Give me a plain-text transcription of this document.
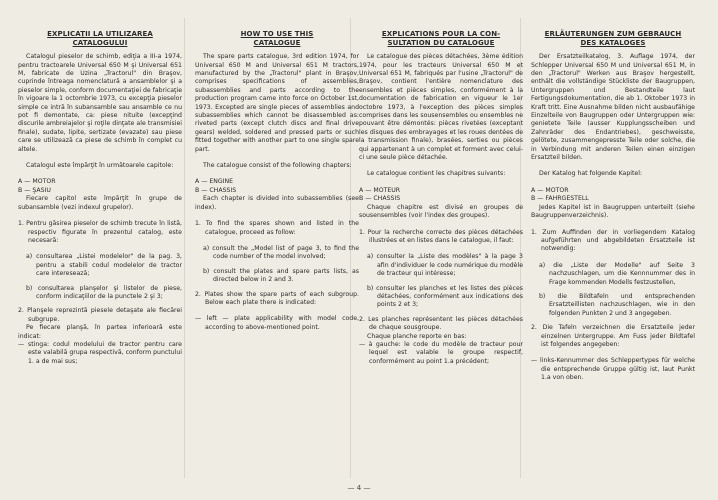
EXPLICAŢII LA UTILIZAREA
CATALOGULUI

Catalogul pieselor de schimb, ediţia a III-a 1974, pentru tractoarele Universal 650 M şi Universal 651 M, fabricate de Uzina „Tractorul" din Braşov, cuprinde întreaga nomenclatură a ansamblelor şi a pieselor simple, conform documentaţiei de fabricaţie în vigoare la 1 octombrie 1973, cu excepţia pieselor simple ce intră în subansamble sau ansamble ce nu pot fi demontate, ca: piese nituite (excepţind discurile ambreiajelor şi roţile dinţate ale transmisiei finale), sudate, lipite, sertizate (evazate) sau piese care se utilizează ca piese de schimb în complet cu altele.

Catalogul este împărţit în următoarele capitole:

A — MOTOR

B — ŞASIU

Fiecare capitol este împărţit în grupe de subansamble (vezi indexul grupelor).

1. Pentru găsirea pieselor de schimb trecute în listă, respectiv figurate în prezentul catalog, este necesară:
a) consultarea „Listei modelelor" de la pag. 3, pentru a stabili codul modelelor de tractor care interesează;
b) consultarea planşelor şi listelor de piese, conform indicaţiilor de la punctele 2 şi 3;
2. Planşele reprezintă piesele detaşate ale fiecărei subgrupe.

Pe fiecare planşă, în partea inferioară este indicat:

— stinga: codul modelului de tractor pentru care este valabilă grupa respectivă, conform punctului 1. a de mai sus;
HOW TO USE THIS
CATALOGUE

The spare parts catalogue, 3rd edition 1974, for Universal 650 M and Universal 651 M tractors, manufactured by the „Tractorul" plant in Braşov, comprises specifications of assemblies, subassemblies and parts according to the production program came into force on October 1st, 1973. Excepted are single pieces of assemblies and subassemblies which cannot be disassembled as: riveted parts (except clutch discs and final drive gears) welded, soldered and pressed parts or such fitted together with another part to one single spare part.

The catalogue consist of the following chapters:

A — ENGINE

B — CHASSIS

Each chapter is divided into subassemblies (see index).

1. To find the spares shown and listed in the catalogue, proceed as follow:
a) consult the „Model list of page 3, to find the code number of the model involved;
b) consult the plates and spare parts lists, as directed below in 2 and 3.
2. Plates show the spare parts of each subgroup. Below each plate there is indicated:
— left — plate applicability with model code, according to above-mentioned point.
EXPLICATIONS POUR LA CON-
SULTATION DU CATALOGUE

Le catalogue des pièces détachées, 3ème édition 1974, pour les tracteurs Universal 650 M et Universal 651 M, fabriqués par l'usine „Tractorul" de Braşov, contient l'entière nomenclature des ensembles et pièces simples, conformément à la documentation de fabrication en vigueur le 1er octobre 1973, à l'exception des pièces simples comprises dans les sousensembles ou ensembles ne pouvant être démontés: pièces rivetées (exceptant les disques des embrayages et les roues dentées de la transmission finale), brasées, serties ou pièces qui appartenant à un complet et forment avec celui-ci une seule pièce détachée.

Le catalogue contient les chapitres suivants:

A — MOTEUR

B — CHASSIS

Chaque chapitre est divisé en groupes de sousensembles (voir l'index des groupes).

1. Pour la recherche correcte des pièces détachées illustrées et en listes dans le catalogue, il faut:
a) consulter la „Liste des modèles" à la page 3 afin d'individuer le code numérique du modèle de tracteur qui intéresse;
b) consulter les planches et les listes des pièces détachées, conformément aux indications des points 2 et 3;
2. Les planches représentent les pièces détachées de chaque sousgroupe.

Chaque planche reporte en bas:

— à gauche: le code du modèle de tracteur pour lequel est valable le groupe respectif, conformément au point 1.a précédent;
ERLÄUTERUNGEN ZUM GEBRAUCH
DES KATALOGES

Der Ersatzteilkatalog, 3. Auflage 1974, der Schlepper Universal 650 M und Universal 651 M, in den „Tractorul" Werken aus Braşov hergestellt, enthält die vollständige Stückliste der Baugruppen, Untergruppen und Bestandteile laut Fertigungsdokumentation, die ab 1. Oktober 1973 in Kraft tritt. Eine Ausnahme bilden nicht ausbaufähige Einzelteile von Baugruppen oder Untergruppen wie: genietete Teile (ausser Kupplungsscheiben und Zahnräder des Endantriebes), geschweisste, gelötete, zusammengepresste Teile oder solche, die in Verbindung mit anderen Teilen einen einzigen Ersatzteil bilden.

Der Katalog hat folgende Kapitel:

A — MOTOR

B — FAHRGESTELL

Jedes Kapitel ist in Baugruppen unterteilt (siehe Baugruppenverzeichnis).

1. Zum Auffinden der in vorliegendem Katalog aufgeführten und abgebildeten Ersatzteile ist notwendig:
a) die „Liste der Modelle" auf Seite 3 nachzuschlagen, um die Kennnummer des in Frage kommenden Modells festzustellen,
b) die Bildtafeln und entsprechenden Ersatzteillisten nachzuschlagen, wie in den folgenden Punkten 2 und 3 angegeben.
2. Die Tafeln verzeichnen die Ersatzteile jeder einzelnen Untergruppe. Am Fuss jeder Bildtafel ist folgendes angegeben:
— links-Kennummer des Schleppertypes für welche die entsprechende Gruppe gültig ist, laut Punkt 1.a von oben.
— 4 —
